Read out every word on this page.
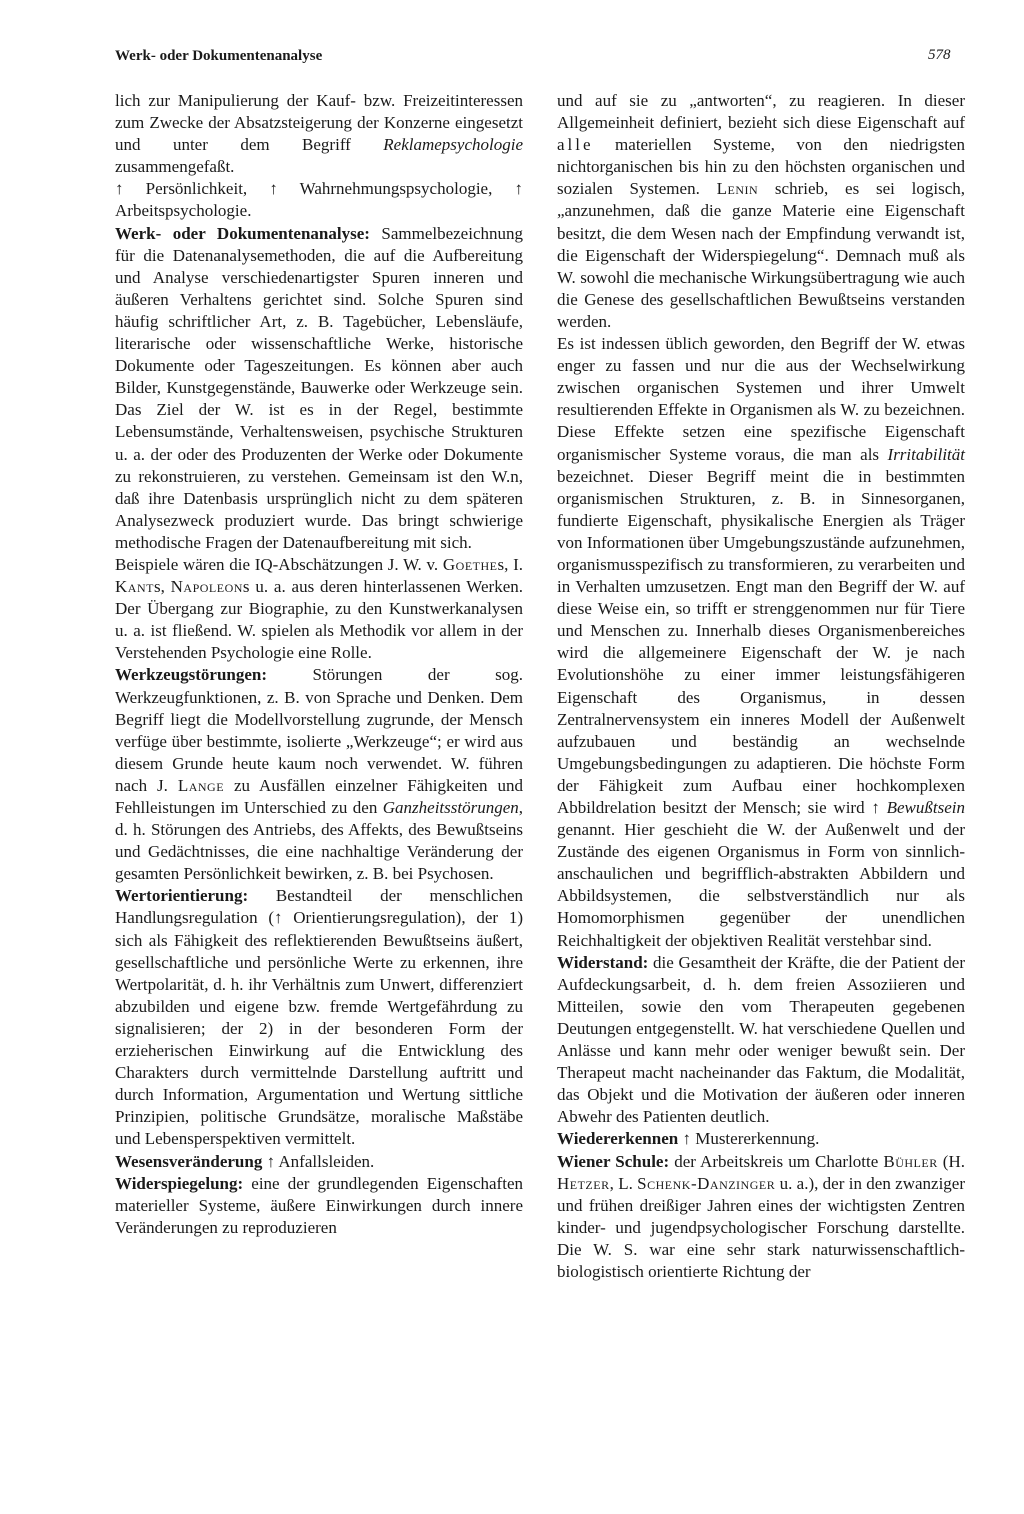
Werk- oder Dokumentenanalyse	578

lich zur Manipulierung der Kauf- bzw. Freizeitinteressen zum Zwecke der Absatzsteigerung der Konzerne eingesetzt und unter dem Begriff Reklamepsychologie zusammengefaßt.

↑ Persönlichkeit, ↑ Wahrnehmungspsychologie, ↑ Arbeitspsychologie.

Werk- oder Dokumentenanalyse: Sammelbezeichnung für die Datenanalysemethoden, die auf die Aufbereitung und Analyse verschiedenartigster Spuren inneren und äußeren Verhaltens gerichtet sind. Solche Spuren sind häufig schriftlicher Art, z. B. Tagebücher, Lebensläufe, literarische oder wissenschaftliche Werke, historische Dokumente oder Tageszeitungen. Es können aber auch Bilder, Kunstgegenstände, Bauwerke oder Werkzeuge sein. Das Ziel der W. ist es in der Regel, bestimmte Lebensumstände, Verhaltensweisen, psychische Strukturen u. a. der oder des Produzenten der Werke oder Dokumente zu rekonstruieren, zu verstehen. Gemeinsam ist den W.n, daß ihre Datenbasis ursprünglich nicht zu dem späteren Analysezweck produziert wurde. Das bringt schwierige methodische Fragen der Datenaufbereitung mit sich.

Beispiele wären die IQ-Abschätzungen J. W. v. Goethes, I. Kants, Napoleons u. a. aus deren hinterlassenen Werken. Der Übergang zur Biographie, zu den Kunstwerkanalysen u. a. ist fließend. W. spielen als Methodik vor allem in der Verstehenden Psychologie eine Rolle.

Werkzeugstörungen: Störungen der sog. Werkzeugfunktionen, z. B. von Sprache und Denken. Dem Begriff liegt die Modellvorstellung zugrunde, der Mensch verfüge über bestimmte, isolierte „Werkzeuge“; er wird aus diesem Grunde heute kaum noch verwendet. W. führen nach J. Lange zu Ausfällen einzelner Fähigkeiten und Fehlleistungen im Unterschied zu den Ganzheitsstörungen, d. h. Störungen des Antriebs, des Affekts, des Bewußtseins und Gedächtnisses, die eine nachhaltige Veränderung der gesamten Persönlichkeit bewirken, z. B. bei Psychosen.

Wertorientierung: Bestandteil der menschlichen Handlungsregulation (↑ Orientierungsregulation), der 1) sich als Fähigkeit des reflektierenden Bewußtseins äußert, gesellschaftliche und persönliche Werte zu erkennen, ihre Wertpolarität, d. h. ihr Verhältnis zum Unwert, differenziert abzubilden und eigene bzw. fremde Wertgefährdung zu signalisieren; der 2) in der besonderen Form der erzieherischen Einwirkung auf die Entwicklung des Charakters durch vermittelnde Darstellung auftritt und durch Information, Argumentation und Wertung sittliche Prinzipien, politische Grundsätze, moralische Maßstäbe und Lebensperspektiven vermittelt.

Wesensveränderung ↑ Anfallsleiden.

Widerspiegelung: eine der grundlegenden Eigenschaften materieller Systeme, äußere Einwirkungen durch innere Veränderungen zu reproduzieren

und auf sie zu „antworten“, zu reagieren. In dieser Allgemeinheit definiert, bezieht sich diese Eigenschaft auf alle materiellen Systeme, von den niedrigsten nichtorganischen bis hin zu den höchsten organischen und sozialen Systemen. Lenin schrieb, es sei logisch, „anzunehmen, daß die ganze Materie eine Eigenschaft besitzt, die dem Wesen nach der Empfindung verwandt ist, die Eigenschaft der Widerspiegelung“. Demnach muß als W. sowohl die mechanische Wirkungsübertragung wie auch die Genese des gesellschaftlichen Bewußtseins verstanden werden.

Es ist indessen üblich geworden, den Begriff der W. etwas enger zu fassen und nur die aus der Wechselwirkung zwischen organischen Systemen und ihrer Umwelt resultierenden Effekte in Organismen als W. zu bezeichnen. Diese Effekte setzen eine spezifische Eigenschaft organismischer Systeme voraus, die man als Irritabilität bezeichnet. Dieser Begriff meint die in bestimmten organismischen Strukturen, z. B. in Sinnesorganen, fundierte Eigenschaft, physikalische Energien als Träger von Informationen über Umgebungszustände aufzunehmen, organismusspezifisch zu transformieren, zu verarbeiten und in Verhalten umzusetzen. Engt man den Begriff der W. auf diese Weise ein, so trifft er strenggenommen nur für Tiere und Menschen zu. Innerhalb dieses Organismenbereiches wird die allgemeinere Eigenschaft der W. je nach Evolutionshöhe zu einer immer leistungsfähigeren Eigenschaft des Organismus, in dessen Zentralnervensystem ein inneres Modell der Außenwelt aufzubauen und beständig an wechselnde Umgebungsbedingungen zu adaptieren. Die höchste Form der Fähigkeit zum Aufbau einer hochkomplexen Abbildrelation besitzt der Mensch; sie wird ↑ Bewußtsein genannt. Hier geschieht die W. der Außenwelt und der Zustände des eigenen Organismus in Form von sinnlich-anschaulichen und begrifflich-abstrakten Abbildern und Abbildsystemen, die selbstverständlich nur als Homomorphismen gegenüber der unendlichen Reichhaltigkeit der objektiven Realität verstehbar sind.

Widerstand: die Gesamtheit der Kräfte, die der Patient der Aufdeckungsarbeit, d. h. dem freien Assoziieren und Mitteilen, sowie den vom Therapeuten gegebenen Deutungen entgegenstellt. W. hat verschiedene Quellen und Anlässe und kann mehr oder weniger bewußt sein. Der Therapeut macht nacheinander das Faktum, die Modalität, das Objekt und die Motivation der äußeren oder inneren Abwehr des Patienten deutlich.

Wiedererkennen ↑ Mustererkennung.

Wiener Schule: der Arbeitskreis um Charlotte Bühler (H. Hetzer, L. Schenk-Danzinger u. a.), der in den zwanziger und frühen dreißiger Jahren eines der wichtigsten Zentren kinder- und jugendpsychologischer Forschung darstellte. Die W. S. war eine sehr stark naturwissenschaftlich-biologistisch orientierte Richtung der
